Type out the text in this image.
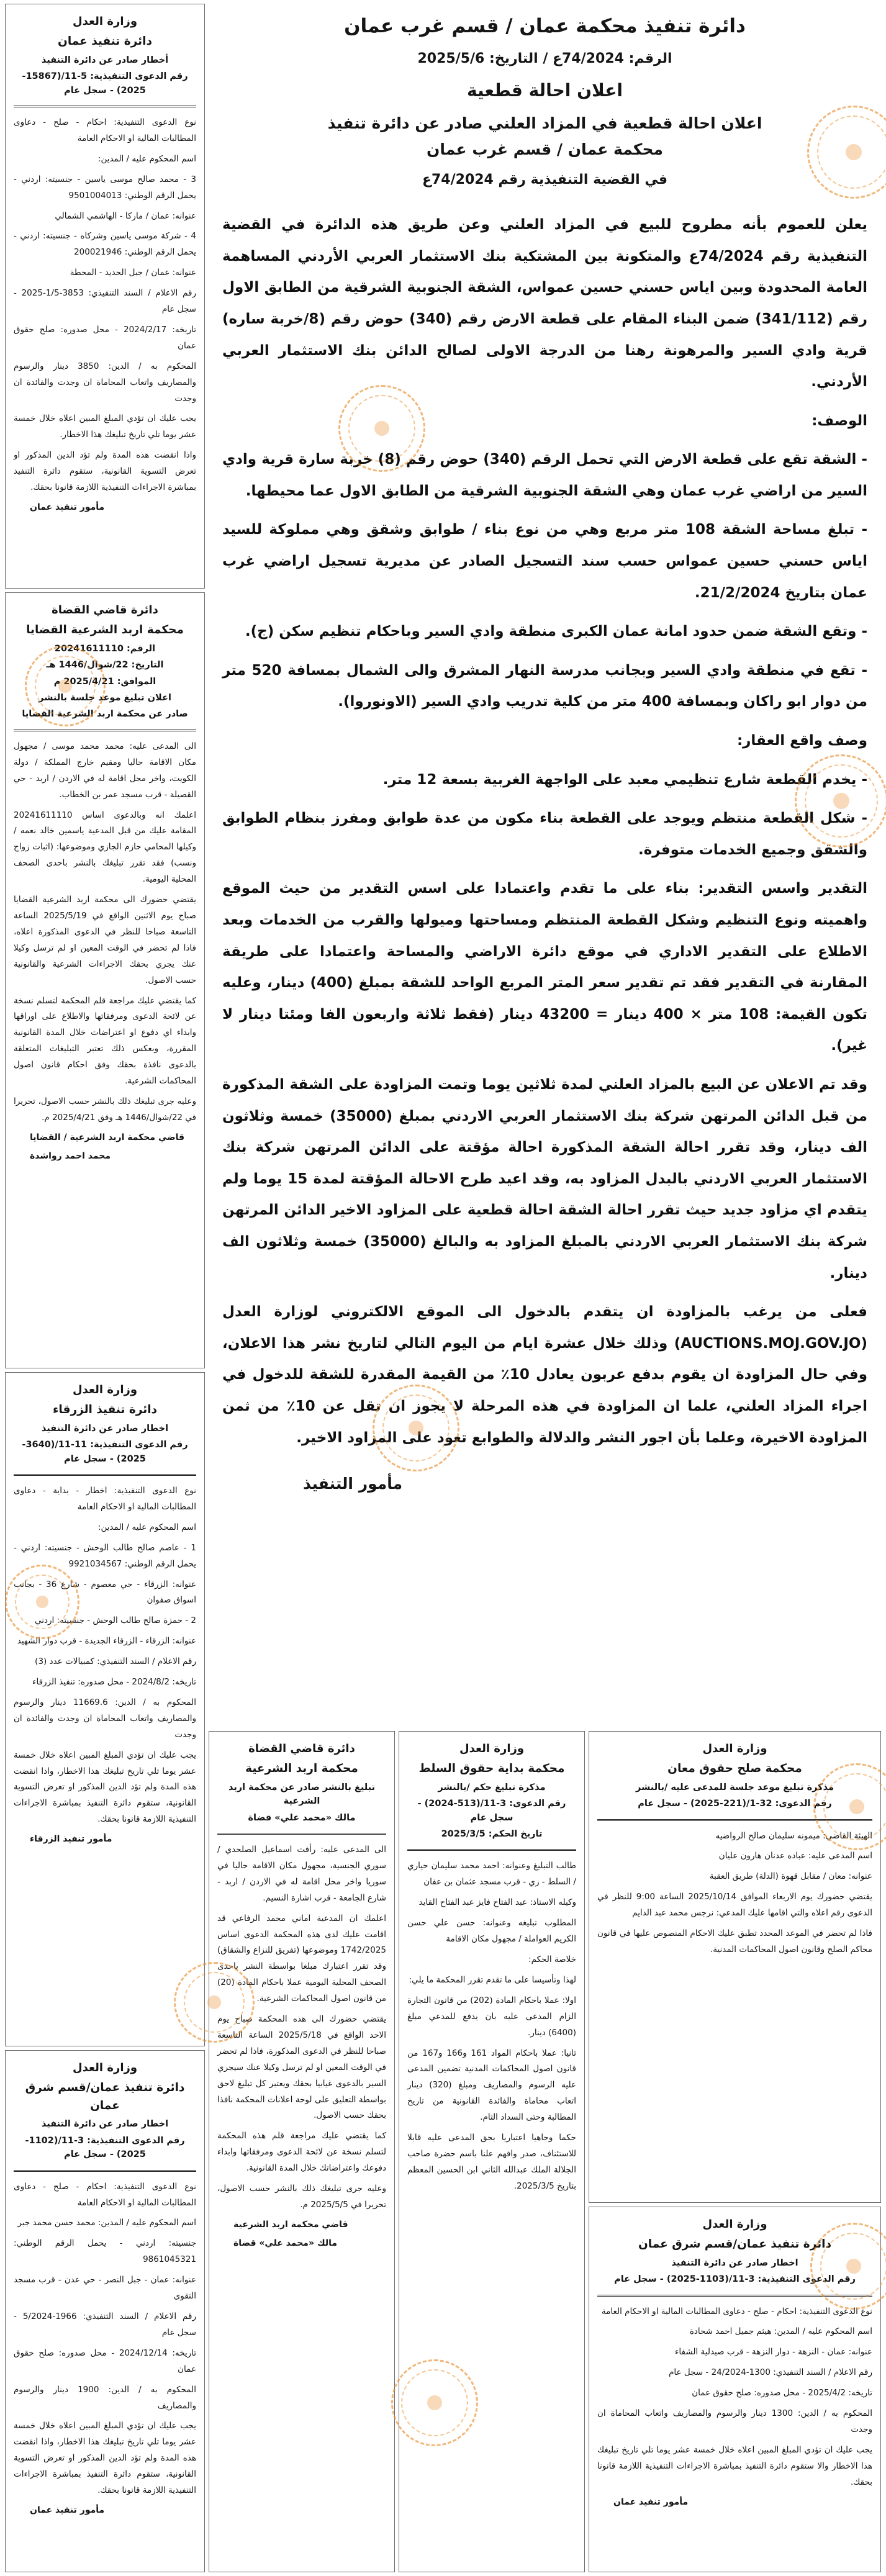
دائرة تنفيذ محكمة عمان / قسم غرب عمان

الرقم: 74/2024ع / التاريخ: 2025/5/6

اعلان احالة قطعية

اعلان احالة قطعية في المزاد العلني صادر عن دائرة تنفيذ

محكمة عمان / قسم غرب عمان

في القضية التنفيذية رقم 74/2024ع

يعلن للعموم بأنه مطروح للبيع في المزاد العلني وعن طريق هذه الدائرة في القضية التنفيذية رقم 74/2024ع والمتكونة بين المشتكية بنك الاستثمار العربي الأردني المساهمة العامة المحدودة وبين اياس حسني حسين عمواس، الشقة الجنوبية الشرقية من الطابق الاول رقم (341/112) ضمن البناء المقام على قطعة الارض رقم (340) حوض رقم (8/خربة ساره) قرية وادي السير والمرهونة رهنا من الدرجة الاولى لصالح الدائن بنك الاستثمار العربي الأردني.

الوصف:

- الشقة تقع على قطعة الارض التي تحمل الرقم (340) حوض رقم (8) خربة سارة قرية وادي السير من اراضي غرب عمان وهي الشقة الجنوبية الشرقية من الطابق الاول عما محيطها.

- تبلغ مساحة الشقة 108 متر مربع وهي من نوع بناء / طوابق وشقق وهي مملوكة للسيد اياس حسني حسين عمواس حسب سند التسجيل الصادر عن مديرية تسجيل اراضي غرب عمان بتاريخ 21/2/2024.

- وتقع الشقة ضمن حدود امانة عمان الكبرى منطقة وادي السير وباحكام تنظيم سكن (ج).

- تقع في منطقة وادي السير وبجانب مدرسة النهار المشرق والى الشمال بمسافة 520 متر من دوار ابو راكان وبمسافة 400 متر من كلية تدريب وادي السير (الاونوروا).

وصف واقع العقار:

- يخدم القطعة شارع تنظيمي معبد على الواجهة الغربية بسعة 12 متر.

- شكل القطعة منتظم ويوجد على القطعة بناء مكون من عدة طوابق ومفرز بنظام الطوابق والشقق وجميع الخدمات متوفرة.

التقدير واسس التقدير: بناء على ما تقدم واعتمادا على اسس التقدير من حيث الموقع واهميته ونوع التنظيم وشكل القطعة المنتظم ومساحتها وميولها والقرب من الخدمات وبعد الاطلاع على التقدير الاداري في موقع دائرة الاراضي والمساحة واعتمادا على طريقة المقارنة في التقدير فقد تم تقدير سعر المتر المربع الواحد للشقة بمبلغ (400) دينار، وعليه تكون القيمة: 108 متر × 400 دينار = 43200 دينار (فقط ثلاثة واربعون الفا ومئتا دينار لا غير).

وقد تم الاعلان عن البيع بالمزاد العلني لمدة ثلاثين يوما وتمت المزاودة على الشقة المذكورة من قبل الدائن المرتهن شركة بنك الاستثمار العربي الاردني بمبلغ (35000) خمسة وثلاثون الف دينار، وقد تقرر احالة الشقة المذكورة احالة مؤقتة على الدائن المرتهن شركة بنك الاستثمار العربي الاردني بالبدل المزاود به، وقد اعيد طرح الاحالة المؤقتة لمدة 15 يوما ولم يتقدم اي مزاود جديد حيث تقرر احالة الشقة احالة قطعية على المزاود الاخير الدائن المرتهن شركة بنك الاستثمار العربي الاردني بالمبلغ المزاود به والبالغ (35000) خمسة وثلاثون الف دينار.

فعلى من يرغب بالمزاودة ان يتقدم بالدخول الى الموقع الالكتروني لوزارة العدل (AUCTIONS.MOJ.GOV.JO) وذلك خلال عشرة ايام من اليوم التالي لتاريخ نشر هذا الاعلان، وفي حال المزاودة ان يقوم بدفع عربون يعادل 10٪ من القيمة المقدرة للشقة للدخول في اجراء المزاد العلني، علما ان المزاودة في هذه المرحلة لا يجوز ان تقل عن 10٪ من ثمن المزاودة الاخيرة، وعلما بأن اجور النشر والدلالة والطوابع تعود على المزاود الاخير.

مأمور التنفيذ

وزارة العدل

دائرة تنفيذ عمان

أخطار صادر عن دائرة التنفيذ

رقم الدعوى التنفيذية: 5-11/(15867-2025) - سجل عام

نوع الدعوى التنفيذية: احكام - صلح - دعاوى المطالبات المالية او الاحكام العامة

اسم المحكوم عليه / المدين:

3 - محمد صالح موسى ياسين - جنسيته: اردني - يحمل الرقم الوطني: 9501004013

عنوانه: عمان / ماركا - الهاشمي الشمالي

4 - شركة موسى ياسين وشركاه - جنسيته: اردني - يحمل الرقم الوطني: 200021946

عنوانه: عمان / جبل الحديد - المحطة

رقم الاعلام / السند التنفيذي: 3853-1/5-2025 - سجل عام

تاريخه: 2024/2/17 - محل صدوره: صلح حقوق عمان

المحكوم به / الدين: 3850 دينار والرسوم والمصاريف واتعاب المحاماة ان وجدت والفائدة ان وجدت

يجب عليك ان تؤدي المبلغ المبين اعلاه خلال خمسة عشر يوما تلي تاريخ تبليغك هذا الاخطار.

واذا انقضت هذه المدة ولم تؤد الدين المذكور او تعرض التسوية القانونية، ستقوم دائرة التنفيذ بمباشرة الاجراءات التنفيذية اللازمة قانونا بحقك.

مأمور تنفيذ عمان

دائرة قاضي القضاة

محكمة اربد الشرعية القضايا

الرقم: 20241611110

التاريخ: 22/شوال/1446 هـ

الموافق: 2025/4/21 م

اعلان تبليغ موعد جلسة بالنشر

صادر عن محكمة اربد الشرعية القضايا

الى المدعى عليه: محمد محمد موسى / مجهول مكان الاقامة حاليا ومقيم خارج المملكة / دولة الكويت، واخر محل اقامة له في الاردن / اربد - حي القصيلة - قرب مسجد عمر بن الخطاب.

اعلمك انه وبالدعوى اساس 20241611110 المقامة عليك من قبل المدعية ياسمين خالد نعمه / وكيلها المحامي حازم الجازي وموضوعها: (اثبات زواج ونسب) فقد تقرر تبليغك بالنشر باحدى الصحف المحلية اليومية.

يقتضي حضورك الى محكمة اربد الشرعية القضايا صباح يوم الاثنين الواقع في 2025/5/19 الساعة التاسعة صباحا للنظر في الدعوى المذكورة اعلاه، فاذا لم تحضر في الوقت المعين او لم ترسل وكيلا عنك يجري بحقك الاجراءات الشرعية والقانونية حسب الاصول.

كما يقتضي عليك مراجعة قلم المحكمة لتسلم نسخة عن لائحة الدعوى ومرفقاتها والاطلاع على اوراقها وابداء اي دفوع او اعتراضات خلال المدة القانونية المقررة، وبعكس ذلك تعتبر التبليغات المتعلقة بالدعوى نافذة بحقك وفق احكام قانون اصول المحاكمات الشرعية.

وعليه جرى تبليغك ذلك بالنشر حسب الاصول، تحريرا في 22/شوال/1446 هـ وفق 2025/4/21 م.

قاضي محكمة اربد الشرعية / القضايا

محمد احمد رواشدة

وزارة العدل

دائرة تنفيذ الزرقاء

اخطار صادر عن دائرة التنفيذ

رقم الدعوى التنفيذية: 11-11/(3640-2025) - سجل عام

نوع الدعوى التنفيذية: اخطار - بداية - دعاوى المطالبات المالية او الاحكام العامة

اسم المحكوم عليه / المدين:

1 - عاصم صالح طالب الوحش - جنسيته: اردني - يحمل الرقم الوطني: 9921034567

عنوانه: الزرقاء - حي معصوم - شارع 36 - بجانب اسواق صفوان

2 - حمزة صالح طالب الوحش - جنسيته: اردني

عنوانه: الزرقاء - الزرقاء الجديدة - قرب دوار الشهيد

رقم الاعلام / السند التنفيذي: كمبيالات عدد (3)

تاريخه: 2024/8/2 - محل صدوره: تنفيذ الزرقاء

المحكوم به / الدين: 11669.6 دينار والرسوم والمصاريف واتعاب المحاماة ان وجدت والفائدة ان وجدت

يجب عليك ان تؤدي المبلغ المبين اعلاه خلال خمسة عشر يوما تلي تاريخ تبليغك هذا الاخطار، واذا انقضت هذه المدة ولم تؤد الدين المذكور او تعرض التسوية القانونية، ستقوم دائرة التنفيذ بمباشرة الاجراءات التنفيذية اللازمة قانونا بحقك.

مأمور تنفيذ الزرقاء

وزارة العدل

دائرة تنفيذ عمان/قسم شرق عمان

اخطار صادر عن دائرة التنفيذ

رقم الدعوى التنفيذية: 3-11/(1102-2025) - سجل عام

نوع الدعوى التنفيذية: احكام - صلح - دعاوى المطالبات المالية او الاحكام العامة

اسم المحكوم عليه / المدين: محمد حسن محمد جبر

جنسيته: اردني - يحمل الرقم الوطني: 9861045321

عنوانه: عمان - جبل النصر - حي عدن - قرب مسجد التقوى

رقم الاعلام / السند التنفيذي: 1966-5/2024 - سجل عام

تاريخه: 2024/12/14 - محل صدوره: صلح حقوق عمان

المحكوم به / الدين: 1900 دينار والرسوم والمصاريف

يجب عليك ان تؤدي المبلغ المبين اعلاه خلال خمسة عشر يوما تلي تاريخ تبليغك هذا الاخطار، واذا انقضت هذه المدة ولم تؤد الدين المذكور او تعرض التسوية القانونية، ستقوم دائرة التنفيذ بمباشرة الاجراءات التنفيذية اللازمة قانونا بحقك.

مأمور تنفيذ عمان

دائرة قاضي القضاة

محكمة اربد الشرعية

تبليغ بالنشر صادر عن محكمة اربد الشرعية

مالك «محمد علي» قضاة

الى المدعى عليه: رأفت اسماعيل الصلحدي / سوري الجنسية، مجهول مكان الاقامة حاليا في سوريا واخر محل اقامة له في الاردن / اربد - شارع الجامعة - قرب اشارة النسيم.

اعلمك ان المدعية اماني محمد الرفاعي قد اقامت عليك لدى هذه المحكمة الدعوى اساس 1742/2025 وموضوعها (تفريق للنزاع والشقاق) وقد تقرر اعتبارك مبلغا بواسطة النشر باحدى الصحف المحلية اليومية عملا باحكام المادة (20) من قانون اصول المحاكمات الشرعية.

يقتضي حضورك الى هذه المحكمة صباح يوم الاحد الواقع في 2025/5/18 الساعة التاسعة صباحا للنظر في الدعوى المذكورة، فاذا لم تحضر في الوقت المعين او لم ترسل وكيلا عنك سيجري السير بالدعوى غيابيا بحقك ويعتبر كل تبليغ لاحق بواسطة التعليق على لوحة اعلانات المحكمة نافذا بحقك حسب الاصول.

كما يقتضي عليك مراجعة قلم هذه المحكمة لتسلم نسخة عن لائحة الدعوى ومرفقاتها وابداء دفوعك واعتراضاتك خلال المدة القانونية.

وعليه جرى تبليغك ذلك بالنشر حسب الاصول، تحريرا في 2025/5/5 م.

قاضي محكمة اربد الشرعية

مالك «محمد علي» قضاة

وزارة العدل

محكمة بداية حقوق السلط

مذكرة تبليغ حكم /بالنشر

رقم الدعوى: 3-11/(513-2024) - سجل عام

تاريخ الحكم: 2025/3/5

طالب التبليغ وعنوانه: احمد محمد سليمان حياري / السلط - زي - قرب مسجد عثمان بن عفان

وكيله الاستاذ: عبد الفتاح فايز عبد الفتاح القايد

المطلوب تبليغه وعنوانه: حسن علي حسن الكريم العواملة / مجهول مكان الاقامة

خلاصة الحكم:

لهذا وتأسيسا على ما تقدم تقرر المحكمة ما يلي:

اولا: عملا باحكام المادة (202) من قانون التجارة الزام المدعى عليه بان يدفع للمدعي مبلغ (6400) دينار.

ثانيا: عملا باحكام المواد 161 و166 و167 من قانون اصول المحاكمات المدنية تضمين المدعى عليه الرسوم والمصاريف ومبلغ (320) دينار اتعاب محاماة والفائدة القانونية من تاريخ المطالبة وحتى السداد التام.

حكما وجاهيا اعتباريا بحق المدعى عليه قابلا للاستئناف، صدر وافهم علنا باسم حضرة صاحب الجلالة الملك عبدالله الثاني ابن الحسين المعظم بتاريخ 2025/3/5.

وزارة العدل

محكمة صلح حقوق معان

مذكرة تبليغ موعد جلسة للمدعى عليه /بالنشر

رقم الدعوى: 32-1/(221-2025) - سجل عام

الهيئة القاضي: ميمونه سليمان صالح الرواضيه

اسم المدعى عليه: عباده عدنان هارون عليان

عنوانه: معان / مقابل قهوة (الدلة) طريق العقبة

يقتضي حضورك يوم الاربعاء الموافق 2025/10/14 الساعة 9:00 للنظر في الدعوى رقم اعلاه والتي اقامها عليك المدعي: نرجس محمد عبد الدايم

فاذا لم تحضر في الموعد المحدد تطبق عليك الاحكام المنصوص عليها في قانون محاكم الصلح وقانون اصول المحاكمات المدنية.

وزارة العدل

دائرة تنفيذ عمان/قسم شرق عمان

اخطار صادر عن دائرة التنفيذ

رقم الدعوى التنفيذية: 3-11/(1103-2025) - سجل عام

نوع الدعوى التنفيذية: احكام - صلح - دعاوى المطالبات المالية او الاحكام العامة

اسم المحكوم عليه / المدين: هيثم جميل احمد شحادة

عنوانه: عمان - النزهة - دوار النزهة - قرب صيدلية الشفاء

رقم الاعلام / السند التنفيذي: 1300-24/2024 - سجل عام

تاريخه: 2025/4/2 - محل صدوره: صلح حقوق عمان

المحكوم به / الدين: 1300 دينار والرسوم والمصاريف واتعاب المحاماة ان وجدت

يجب عليك ان تؤدي المبلغ المبين اعلاه خلال خمسة عشر يوما تلي تاريخ تبليغك هذا الاخطار والا ستقوم دائرة التنفيذ بمباشرة الاجراءات التنفيذية اللازمة قانونا بحقك.

مأمور تنفيذ عمان
